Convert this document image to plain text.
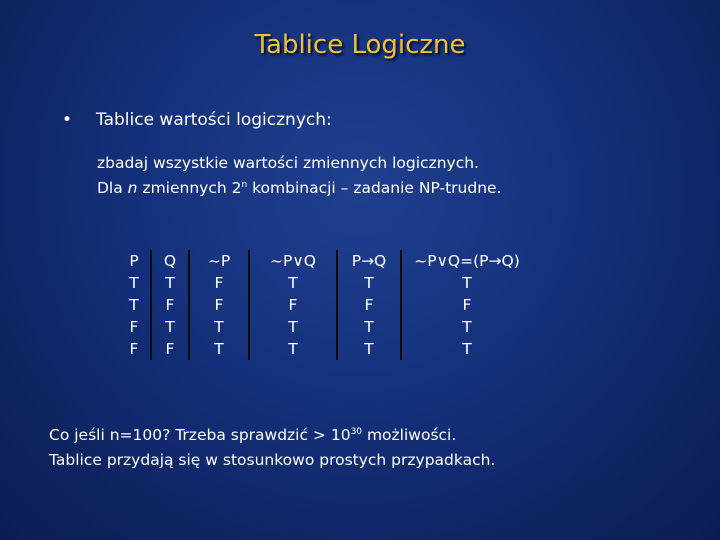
Tablice Logiczne
• Tablice wartości logicznych:
zbadaj wszystkie wartości zmiennych logicznych.
Dla n zmiennych 2$^n$ kombinacji – zadanie NP-trudne.
P	Q	~P	~P∨Q	P→Q	~P∨Q=(P→Q)
T	T	F	T	T	T
T	F	F	F	F	F
F	T	T	T	T	T
F	F	T	T	T	T
Co jeśli n=100? Trzeba sprawdzić > $10^{30}$ możliwości.
Tablice przydają się w stosunkowo prostych przypadkach.
